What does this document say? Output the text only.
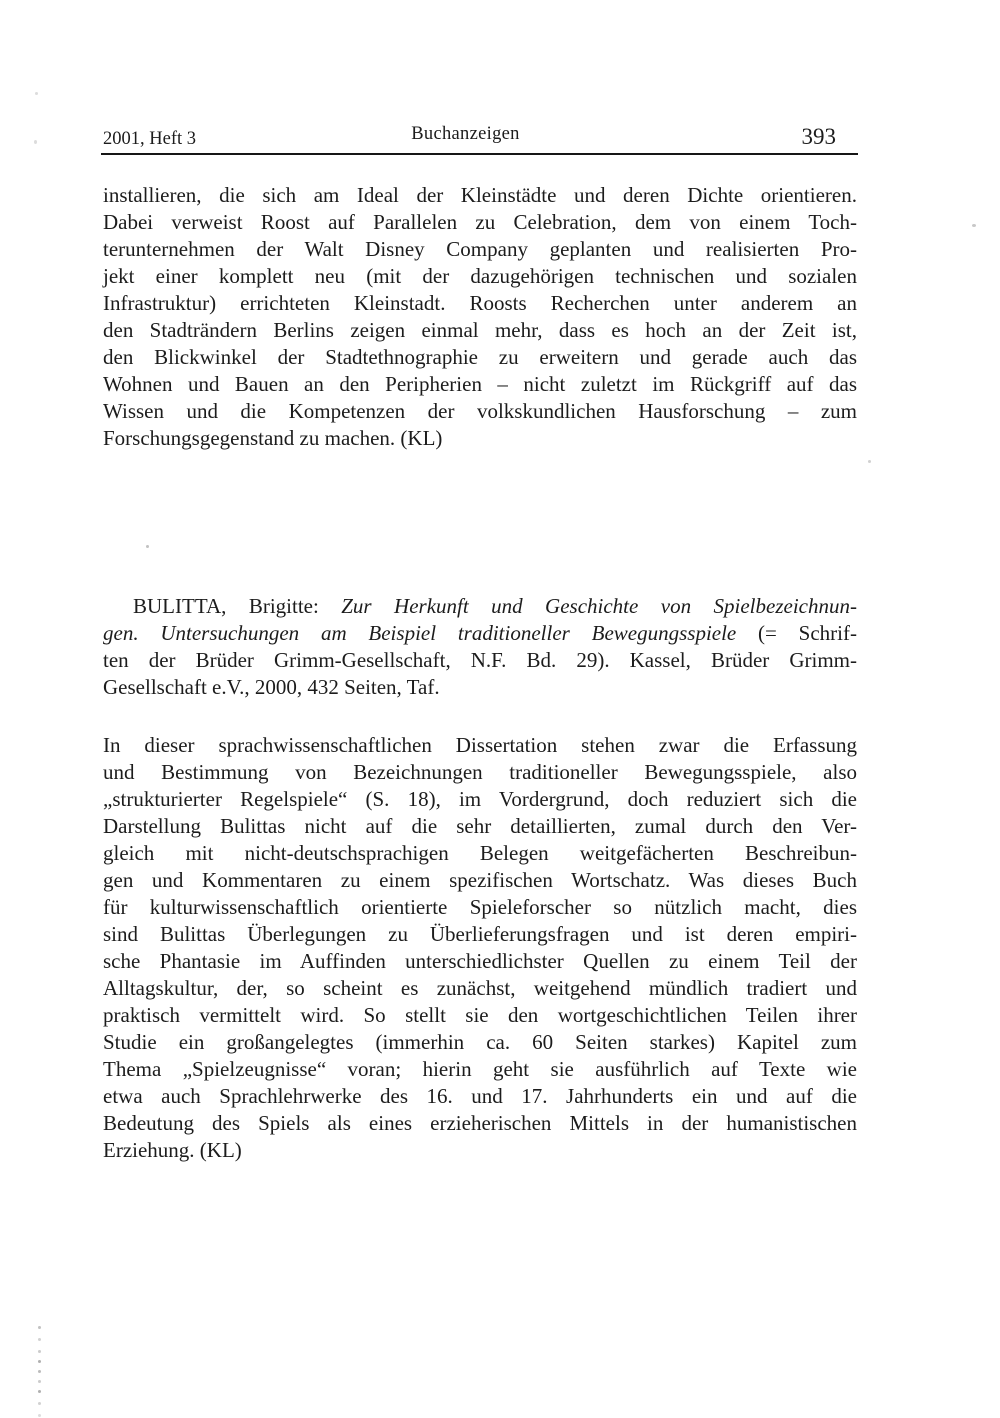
2001, Heft 3	Buchanzeigen	393
installieren, die sich am Ideal der Kleinstädte und deren Dichte orientieren.
Dabei verweist Roost auf Parallelen zu Celebration, dem von einem Toch-
terunternehmen der Walt Disney Company geplanten und realisierten Pro-
jekt einer komplett neu (mit der dazugehörigen technischen und sozialen
Infrastruktur) errichteten Kleinstadt. Roosts Recherchen unter anderem an
den Stadträndern Berlins zeigen einmal mehr, dass es hoch an der Zeit ist,
den Blickwinkel der Stadtethnographie zu erweitern und gerade auch das
Wohnen und Bauen an den Peripherien – nicht zuletzt im Rückgriff auf das
Wissen und die Kompetenzen der volkskundlichen Hausforschung – zum
Forschungsgegenstand zu machen. (KL)
BULITTA, Brigitte: Zur Herkunft und Geschichte von Spielbezeichnun-
gen. Untersuchungen am Beispiel traditioneller Bewegungsspiele (= Schrif-
ten der Brüder Grimm-Gesellschaft, N.F. Bd. 29). Kassel, Brüder Grimm-
Gesellschaft e.V., 2000, 432 Seiten, Taf.
In dieser sprachwissenschaftlichen Dissertation stehen zwar die Erfassung
und Bestimmung von Bezeichnungen traditioneller Bewegungsspiele, also
„strukturierter Regelspiele“ (S. 18), im Vordergrund, doch reduziert sich die
Darstellung Bulittas nicht auf die sehr detaillierten, zumal durch den Ver-
gleich mit nicht-deutschsprachigen Belegen weitgefächerten Beschreibun-
gen und Kommentaren zu einem spezifischen Wortschatz. Was dieses Buch
für kulturwissenschaftlich orientierte Spieleforscher so nützlich macht, dies
sind Bulittas Überlegungen zu Überlieferungsfragen und ist deren empiri-
sche Phantasie im Auffinden unterschiedlichster Quellen zu einem Teil der
Alltagskultur, der, so scheint es zunächst, weitgehend mündlich tradiert und
praktisch vermittelt wird. So stellt sie den wortgeschichtlichen Teilen ihrer
Studie ein großangelegtes (immerhin ca. 60 Seiten starkes) Kapitel zum
Thema „Spielzeugnisse“ voran; hierin geht sie ausführlich auf Texte wie
etwa auch Sprachlehrwerke des 16. und 17. Jahrhunderts ein und auf die
Bedeutung des Spiels als eines erzieherischen Mittels in der humanistischen
Erziehung. (KL)
